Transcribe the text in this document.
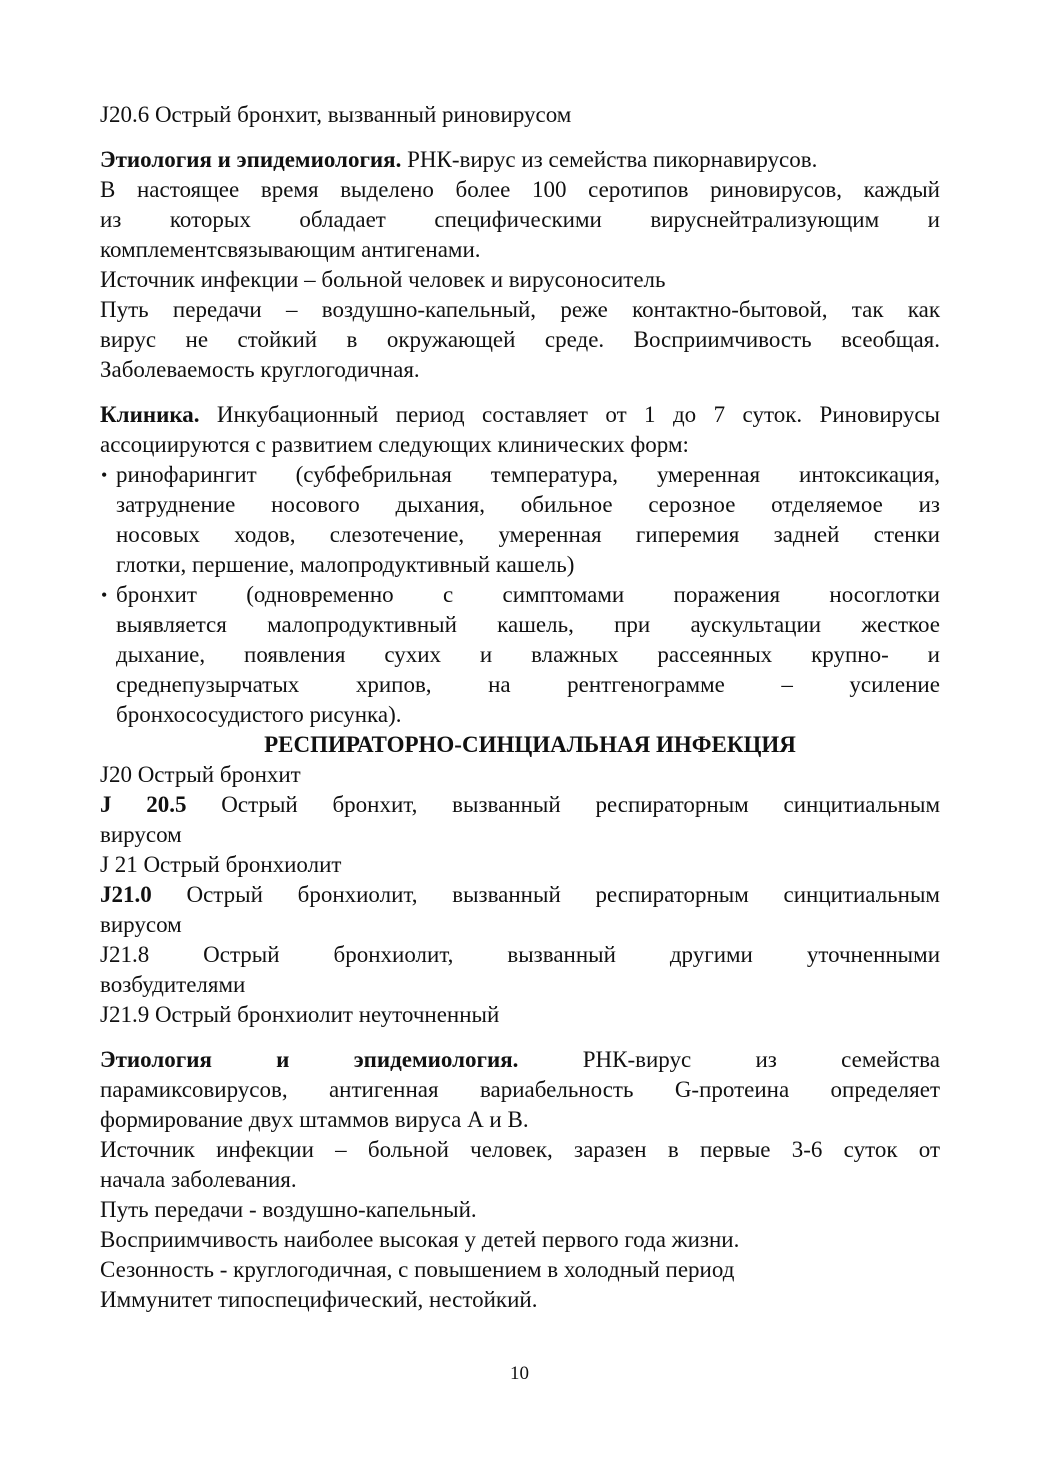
J20.6 Острый бронхит, вызванный риновирусом

Этиология и эпидемиология. РНК-вирус из семейства пикорнавирусов.

В настоящее время выделено более 100 серотипов риновирусов, каждый

из которых обладает специфическими вируснейтрализующим и

комплементсвязывающим антигенами.

Источник инфекции – больной человек и вирусоноситель

Путь передачи – воздушно-капельный, реже контактно-бытовой, так как

вирус не стойкий в окружающей среде. Восприимчивость всеобщая.

Заболеваемость круглогодичная.

Клиника. Инкубационный период составляет от 1 до 7 суток. Риновирусы

ассоциируются с развитием следующих клинических форм:

• ринофарингит (субфебрильная температура, умеренная интоксикация,

затруднение носового дыхания, обильное серозное отделяемое из

носовых ходов, слезотечение, умеренная гиперемия задней стенки

глотки, першение, малопродуктивный кашель)

• бронхит (одновременно с симптомами поражения носоглотки

выявляется малопродуктивный кашель, при аускультации жесткое

дыхание, появления сухих и влажных рассеянных крупно- и

среднепузырчатых хрипов, на рентгенограмме – усиление

бронхососудистого рисунка).

РЕСПИРАТОРНО-СИНЦИАЛЬНАЯ ИНФЕКЦИЯ

J20 Острый бронхит

J 20.5 Острый бронхит, вызванный респираторным синцитиальным

вирусом

J 21 Острый бронхиолит

J21.0 Острый бронхиолит, вызванный респираторным синцитиальным

вирусом

J21.8 Острый бронхиолит, вызванный другими уточненными

возбудителями

J21.9 Острый бронхиолит неуточненный

Этиология	и	эпидемиология.	РНК-вирус	из	семейства

парамиксовирусов, антигенная вариабельность G-протеина определяет

формирование двух штаммов вируса А и В.

Источник инфекции – больной человек, заразен в первые 3-6 суток от

начала заболевания.

Путь передачи - воздушно-капельный.

Восприимчивость наиболее высокая у детей первого года жизни.

Сезонность - круглогодичная, с повышением в холодный период

Иммунитет типоспецифический, нестойкий.

10
